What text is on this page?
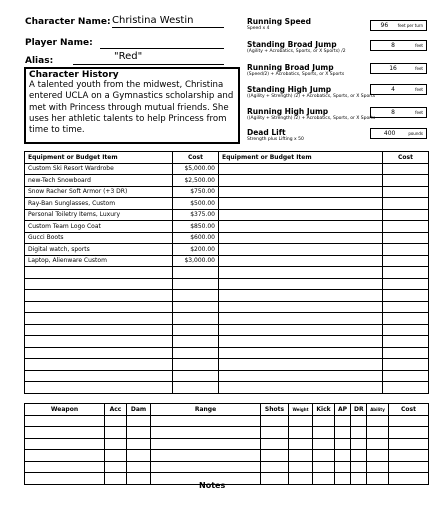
Character Name: Christina Westin
Player Name:
Alias:	"Red"
Character History
A talented youth from the midwest, Christina entered UCLA on a Gymnastics scholarship and met with Princess through mutual friends. She uses her athletic talents to help Princess from time to time.
Running Speed
Speed x 4	96	feet per turn
Standing Broad Jump
(Agility + Acrobatics, Sports, or X Sports) /2
8	feet
Running Broad Jump
(Speed/2) + Acrobatics, Sports, or X Sports
16	feet
Standing High Jump
((Agility + Strength) /2) + Acrobatics, Sports, or X Sports
4	feet
Running High Jump
((Agility + Strength) /2) + Acrobatics, Sports, or X Sports
8	feet
Dead Lift
Strength plus Lifting x 50
400	pounds
Equipment or Budget Item	Cost	Equipment or Budget Item	Cost
Custom Ski Resort Wardrobe	$5,000.00		
new-Tech Snowboard	$2,500.00		
Snow Racher Soft Armor (+3 DR)	$750.00		
Ray-Ban Sunglasses, Custom	$500.00		
Personal Toiletry Items, Luxury	$375.00		
Custom Team Logo Coat	$850.00		
Gucci Boots	$600.00		
Digital watch, sports	$200.00		
Laptop, Alienware Custom	$3,000.00		

Weapon	Acc	Dam	Range	Shots	Weight	Kick	AP	DR	Ability	Cost

Notes
